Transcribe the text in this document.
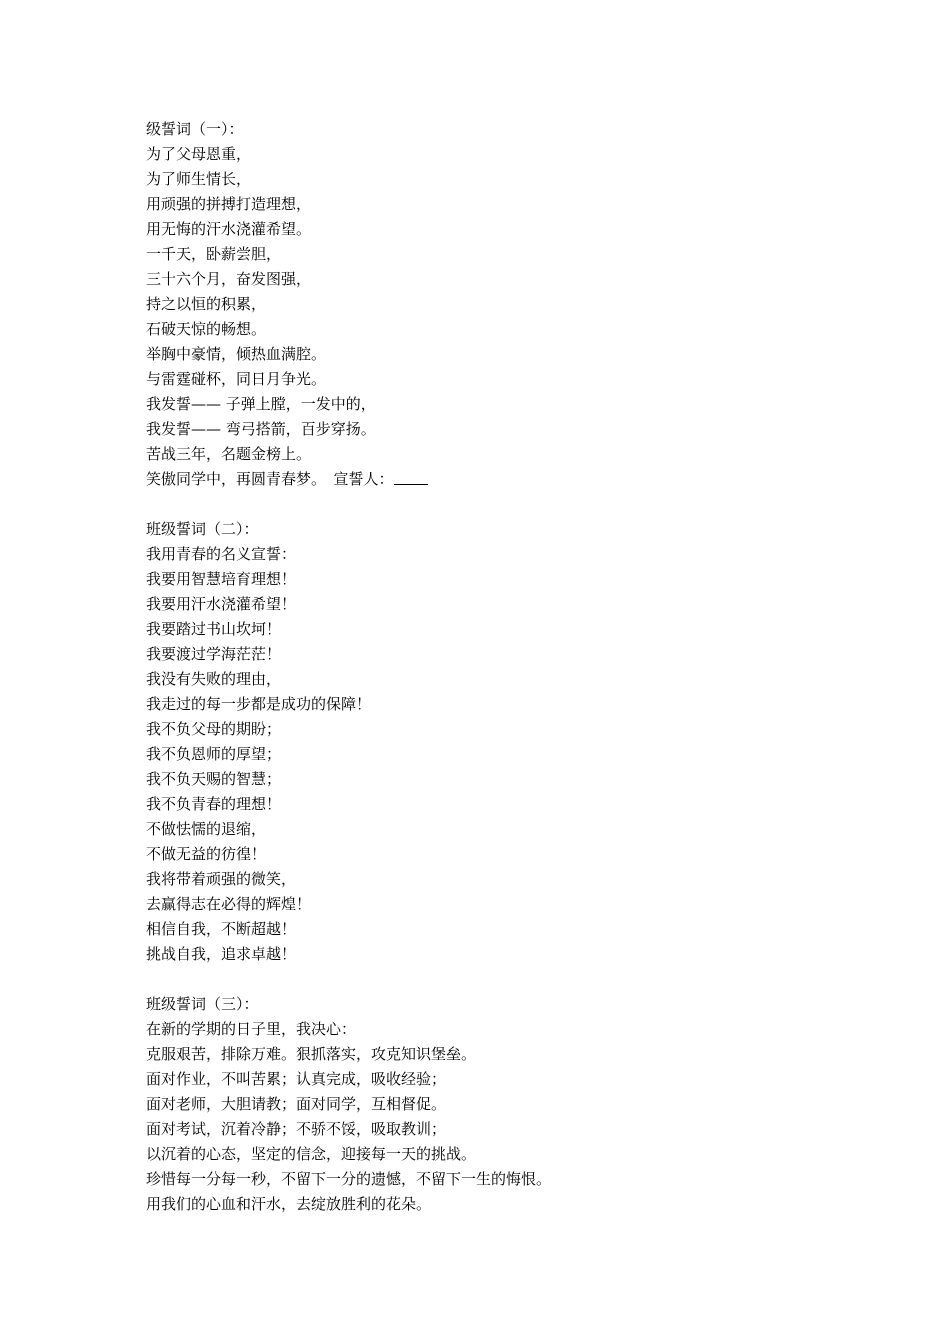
级誓词（一）：
为了父母恩重，
为了师生情长，
用顽强的拼搏打造理想，
用无悔的汗水浇灌希望。
一千天，卧薪尝胆，
三十六个月，奋发图强，
持之以恒的积累，
石破天惊的畅想。
举胸中豪情，倾热血满腔。
与雷霆碰杯，同日月争光。
我发誓—— 子弹上膛，一发中的，
我发誓—— 弯弓搭箭，百步穿扬。
苦战三年，名题金榜上。
笑傲同学中，再圆青春梦。　宣誓人：
班级誓词（二）：
我用青春的名义宣誓：
我要用智慧培育理想！
我要用汗水浇灌希望！
我要踏过书山坎坷！
我要渡过学海茫茫！
我没有失败的理由，
我走过的每一步都是成功的保障！
我不负父母的期盼；
我不负恩师的厚望；
我不负天赐的智慧；
我不负青春的理想！
不做怯懦的退缩，
不做无益的彷徨！
我将带着顽强的微笑，
去赢得志在必得的辉煌！
相信自我，不断超越！
挑战自我，追求卓越！
班级誓词（三）：
在新的学期的日子里，我决心：
克服艰苦，排除万难。狠抓落实，攻克知识堡垒。
面对作业，不叫苦累；认真完成，吸收经验；
面对老师，大胆请教；面对同学，互相督促。
面对考试，沉着冷静；不骄不馁，吸取教训；
以沉着的心态，坚定的信念，迎接每一天的挑战。
珍惜每一分每一秒，不留下一分的遗憾，不留下一生的悔恨。
用我们的心血和汗水，去绽放胜利的花朵。
